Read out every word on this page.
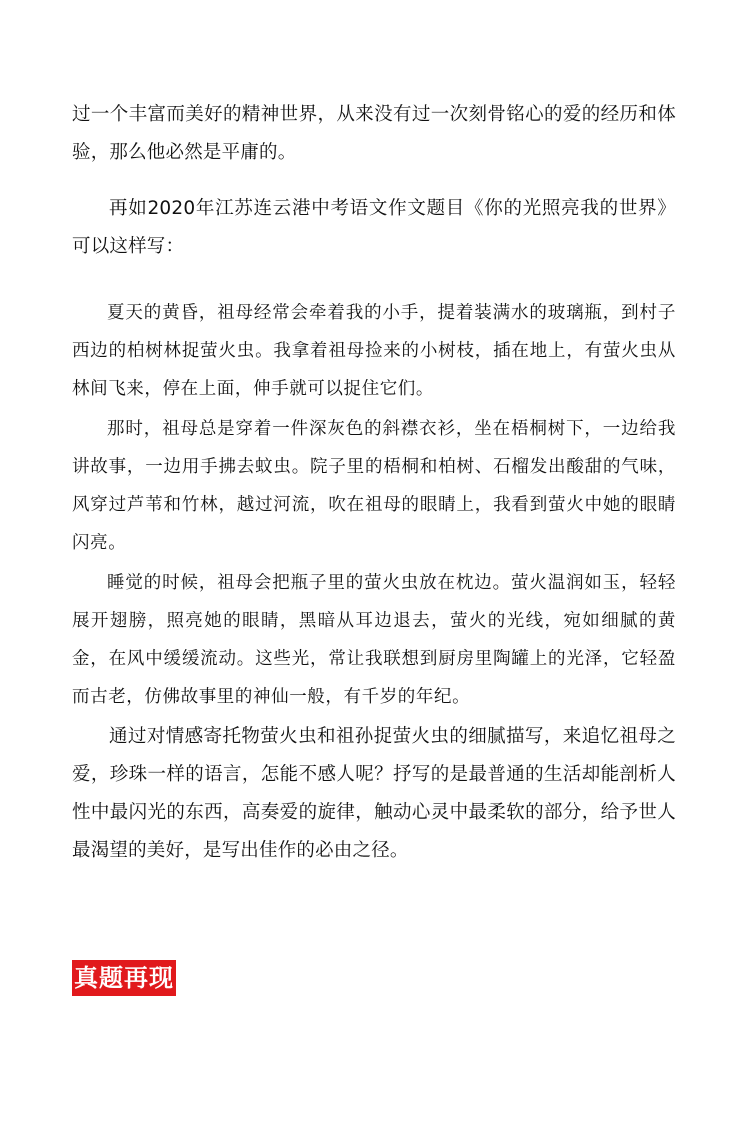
过一个丰富而美好的精神世界，从来没有过一次刻骨铭心的爱的经历和体验，那么他必然是平庸的。

再如2020年江苏连云港中考语文作文题目《你的光照亮我的世界》可以这样写：

夏天的黄昏，祖母经常会牵着我的小手，提着装满水的玻璃瓶，到村子西边的柏树林捉萤火虫。我拿着祖母捡来的小树枝，插在地上，有萤火虫从林间飞来，停在上面，伸手就可以捉住它们。

那时，祖母总是穿着一件深灰色的斜襟衣衫，坐在梧桐树下，一边给我讲故事，一边用手拂去蚊虫。院子里的梧桐和柏树、石榴发出酸甜的气味，风穿过芦苇和竹林，越过河流，吹在祖母的眼睛上，我看到萤火中她的眼睛闪亮。

睡觉的时候，祖母会把瓶子里的萤火虫放在枕边。萤火温润如玉，轻轻展开翅膀，照亮她的眼睛，黑暗从耳边退去，萤火的光线，宛如细腻的黄金，在风中缓缓流动。这些光，常让我联想到厨房里陶罐上的光泽，它轻盈而古老，仿佛故事里的神仙一般，有千岁的年纪。

通过对情感寄托物萤火虫和祖孙捉萤火虫的细腻描写，来追忆祖母之爱，珍珠一样的语言，怎能不感人呢？抒写的是最普通的生活却能剖析人性中最闪光的东西，高奏爱的旋律，触动心灵中最柔软的部分，给予世人最渴望的美好，是写出佳作的必由之径。

真题再现
